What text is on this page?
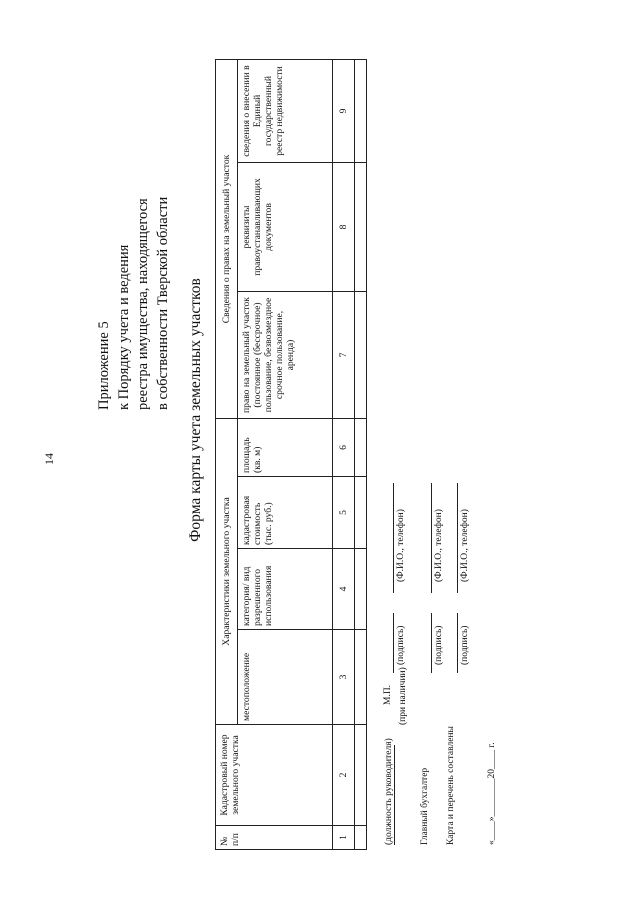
14
Приложение 5 к Порядку учета и ведения реестра имущества, находящегося в собственности Тверской области Форма карты учета земельных участков
№ п/п	Кадастровый номер земельного участка	Характеристики земельного участка				Сведения о правах на земельный участок		
		местоположение	категория/ вид разрешенного использования	кадастровая стоимость (тыс. руб.)	площадь (кв. м)	право на земельный участок (постоянное (бессрочное) пользование, безвозмездное срочное пользование, аренда)	реквизиты правоустанавливающих документов	сведения о внесении в Единый государственный реестр недвижимости
1	2	3	4	5	6	7	8	9

(должность руководителя)
М.П. (при наличии)
(подпись)
(Ф.И.О., телефон)
Главный бухгалтер
(подпись)
(Ф.И.О., телефон)
Карта и перечень составлены
(подпись)
(Ф.И.О., телефон)
«____»________20____ г.
